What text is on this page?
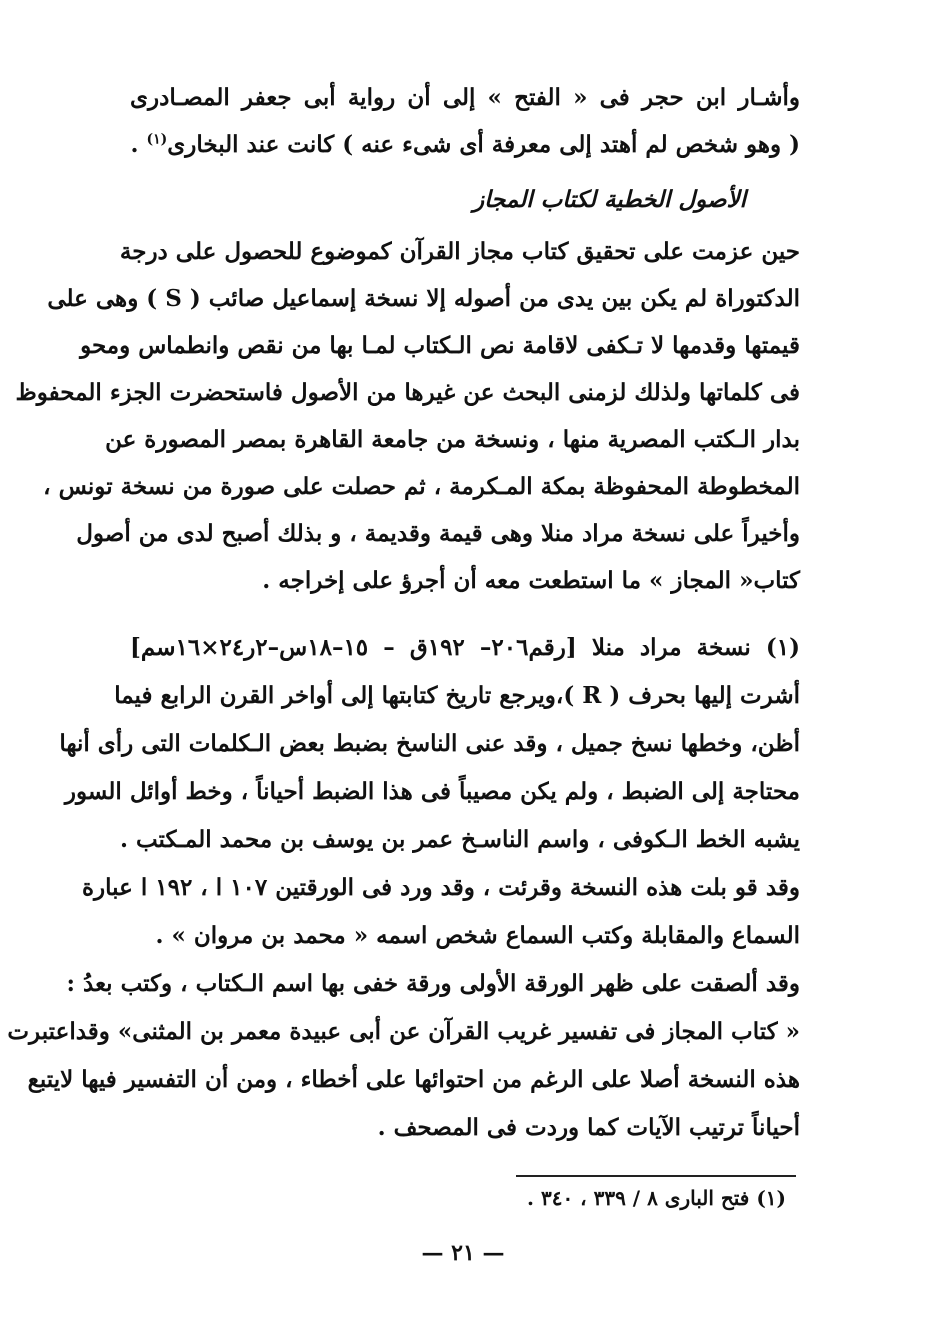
وأشـار ابن حجر فى « الفتح » إلى أن رواية أبى جعفر المصـادرى
( وهو شخص لم أهتد إلى معرفة أى شىء عنه ) كانت عند البخارى$^{(١)}$ .
الأصول الخطية لكتاب المجاز
حين عزمت على تحقيق كتاب مجاز القرآن كموضوع للحصول على درجة
الدكتوراة لم يكن بين يدى من أصوله إلا نسخة إسماعيل صائب ( S ) وهى على
قيمتها وقدمها لا تـكفى لاقامة نص الـكتاب لمـا بها من نقص وانطماس ومحو
فى كلماتها ولذلك لزمنى البحث عن غيرها من الأصول فاستحضرت الجزء المحفوظ
بدار الـكتب المصرية منها ، ونسخة من جامعة القاهرة بمصر المصورة عن
المخطوطة المحفوظة بمكة المـكرمة ، ثم حصلت على صورة من نسخة تونس ،
وأخيراً على نسخة مراد منلا وهى قيمة وقديمة ، و بذلك أصبح لدى من أصول
كتاب« المجاز » ما استطعت معه أن أجرؤ على إخراجه .
(١) نسخة مراد منلا [رقم٢٠٦– ١٩٢ق – ١٥–١٨س–٢ر٢٤×١٦سم]
أشرت إليها بحرف ( R )،ويرجع تاريخ كتابتها إلى أواخر القرن الرابع فيما
أظن، وخطها نسخ جميل ، وقد عنى الناسخ بضبط بعض الـكلمات التى رأى أنها
محتاجة إلى الضبط ، ولم يكن مصيباً فى هذا الضبط أحياناً ، وخط أوائل السور
يشبه الخط الـكوفى ، واسم الناسـخ عمر بن يوسف بن محمد المـكتب .
وقد قو بلت هذه النسخة وقرئت ، وقد ورد فى الورقتين ١٠٧ ا ، ١٩٢ ا عبارة
السماع والمقابلة وكتب السماع شخص اسمه « محمد بن مروان » .
وقد ألصقت على ظهر الورقة الأولى ورقة خفى بها اسم الـكتاب ، وكتب بعدُ :
« كتاب المجاز فى تفسير غريب القرآن عن أبى عبيدة معمر بن المثنى» وقداعتبرت
هذه النسخة أصلا على الرغم من احتوائها على أخطاء ، ومن أن التفسير فيها لايتبع
أحياناً ترتيب الآيات كما وردت فى المصحف .
(١) فتح البارى ٨ / ٣٣٩ ، ٣٤٠ .
— ٢١ —
